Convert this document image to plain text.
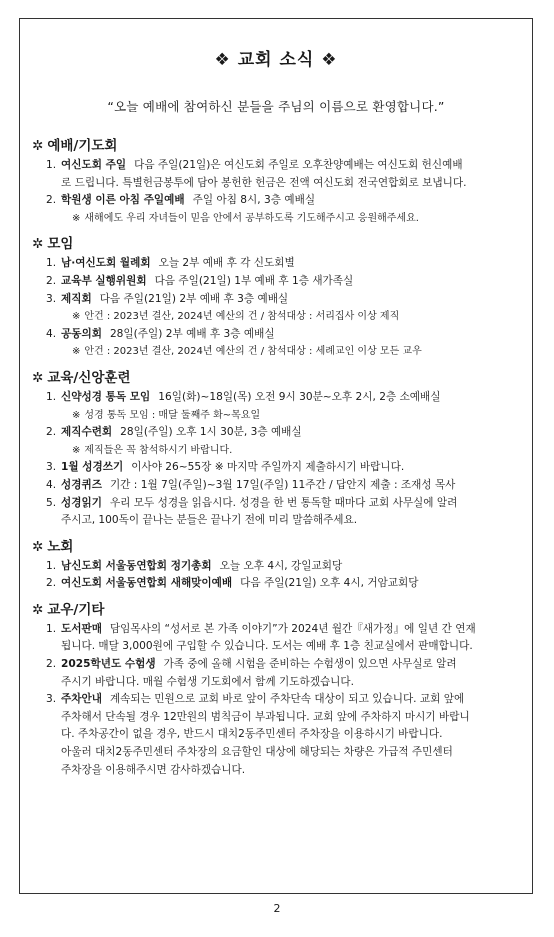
❖ 교회 소식 ❖
“오늘 예배에 참여하신 분들을 주님의 이름으로 환영합니다.”
✲ 예배/기도회
1. 여신도회 주일 다음 주일(21일)은 여신도회 주일로 오후찬양예배는 여신도회 헌신예배
로 드립니다. 특별헌금봉투에 담아 봉헌한 헌금은 전액 여신도회 전국연합회로 보냅니다.
2. 학원생 이른 아침 주일예배 주일 아침 8시, 3층 예배실
※ 새해에도 우리 자녀들이 믿음 안에서 공부하도록 기도해주시고 응원해주세요.
✲ 모임
1. 남·여신도회 월례회 오늘 2부 예배 후 각 신도회별
2. 교육부 실행위원회 다음 주일(21일) 1부 예배 후 1층 새가족실
3. 제직회 다음 주일(21일) 2부 예배 후 3층 예배실
※ 안건 : 2023년 결산, 2024년 예산의 건 / 참석대상 : 서리집사 이상 제직
4. 공동의회 28일(주일) 2부 예배 후 3층 예배실
※ 안건 : 2023년 결산, 2024년 예산의 건 / 참석대상 : 세례교인 이상 모든 교우
✲ 교육/신앙훈련
1. 신약성경 통독 모임 16일(화)~18일(목) 오전 9시 30분~오후 2시, 2층 소예배실
※ 성경 통독 모임 : 매달 둘째주 화~목요일
2. 제직수련회 28일(주일) 오후 1시 30분, 3층 예배실
※ 제직들은 꼭 참석하시기 바랍니다.
3. 1월 성경쓰기 이사야 26~55장 ※ 마지막 주일까지 제출하시기 바랍니다.
4. 성경퀴즈 기간 : 1월 7일(주일)~3월 17일(주일) 11주간 / 답안지 제출 : 조재성 목사
5. 성경읽기 우리 모두 성경을 읽읍시다. 성경을 한 번 통독할 때마다 교회 사무실에 알려
주시고, 100독이 끝나는 분들은 끝나기 전에 미리 말씀해주세요.
✲ 노회
1. 남신도회 서울동연합회 정기총회 오늘 오후 4시, 강일교회당
2. 여신도회 서울동연합회 새해맞이예배 다음 주일(21일) 오후 4시, 거암교회당
✲ 교우/기타
1. 도서판매 담임목사의 “성서로 본 가족 이야기”가 2024년 월간『새가정』에 일년 간 연재
됩니다. 매달 3,000원에 구입할 수 있습니다. 도서는 예배 후 1층 친교실에서 판매합니다.
2. 2025학년도 수험생 가족 중에 올해 시험을 준비하는 수험생이 있으면 사무실로 알려
주시기 바랍니다. 매월 수험생 기도회에서 함께 기도하겠습니다.
3. 주차안내 계속되는 민원으로 교회 바로 앞이 주차단속 대상이 되고 있습니다. 교회 앞에
주차해서 단속될 경우 12만원의 범칙금이 부과됩니다. 교회 앞에 주차하지 마시기 바랍니
다. 주차공간이 없을 경우, 반드시 대치2동주민센터 주차장을 이용하시기 바랍니다.
아울러 대치2동주민센터 주차장의 요금할인 대상에 해당되는 차량은 가급적 주민센터
주차장을 이용해주시면 감사하겠습니다.
2
